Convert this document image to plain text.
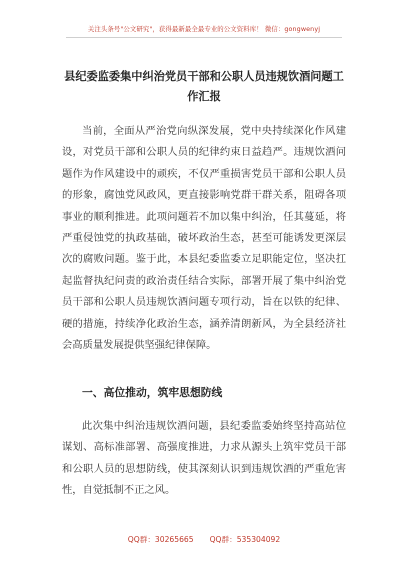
关注头条号"公文研究"，获得最新最全最专业的公文资料库！ 微信：gongwenyj
县纪委监委集中纠治党员干部和公职人员违规饮酒问题工作汇报

当前，全面从严治党向纵深发展，党中央持续深化作风建设，对党员干部和公职人员的纪律约束日益趋严。违规饮酒问题作为作风建设中的顽疾，不仅严重损害党员干部和公职人员的形象，腐蚀党风政风，更直接影响党群干群关系，阻碍各项事业的顺利推进。此项问题若不加以集中纠治，任其蔓延，将严重侵蚀党的执政基础，破坏政治生态，甚至可能诱发更深层次的腐败问题。鉴于此，本县纪委监委立足职能定位，坚决扛起监督执纪问责的政治责任结合实际，部署开展了集中纠治党员干部和公职人员违规饮酒问题专项行动，旨在以铁的纪律、硬的措施，持续净化政治生态，涵养清朗新风，为全县经济社会高质量发展提供坚强纪律保障。

一、高位推动，筑牢思想防线

此次集中纠治违规饮酒问题，县纪委监委始终坚持高站位谋划、高标准部署、高强度推进，力求从源头上筑牢党员干部和公职人员的思想防线，使其深刻认识到违规饮酒的严重危害性，自觉抵制不正之风。

QQ群：30265665 QQ群：535304092
